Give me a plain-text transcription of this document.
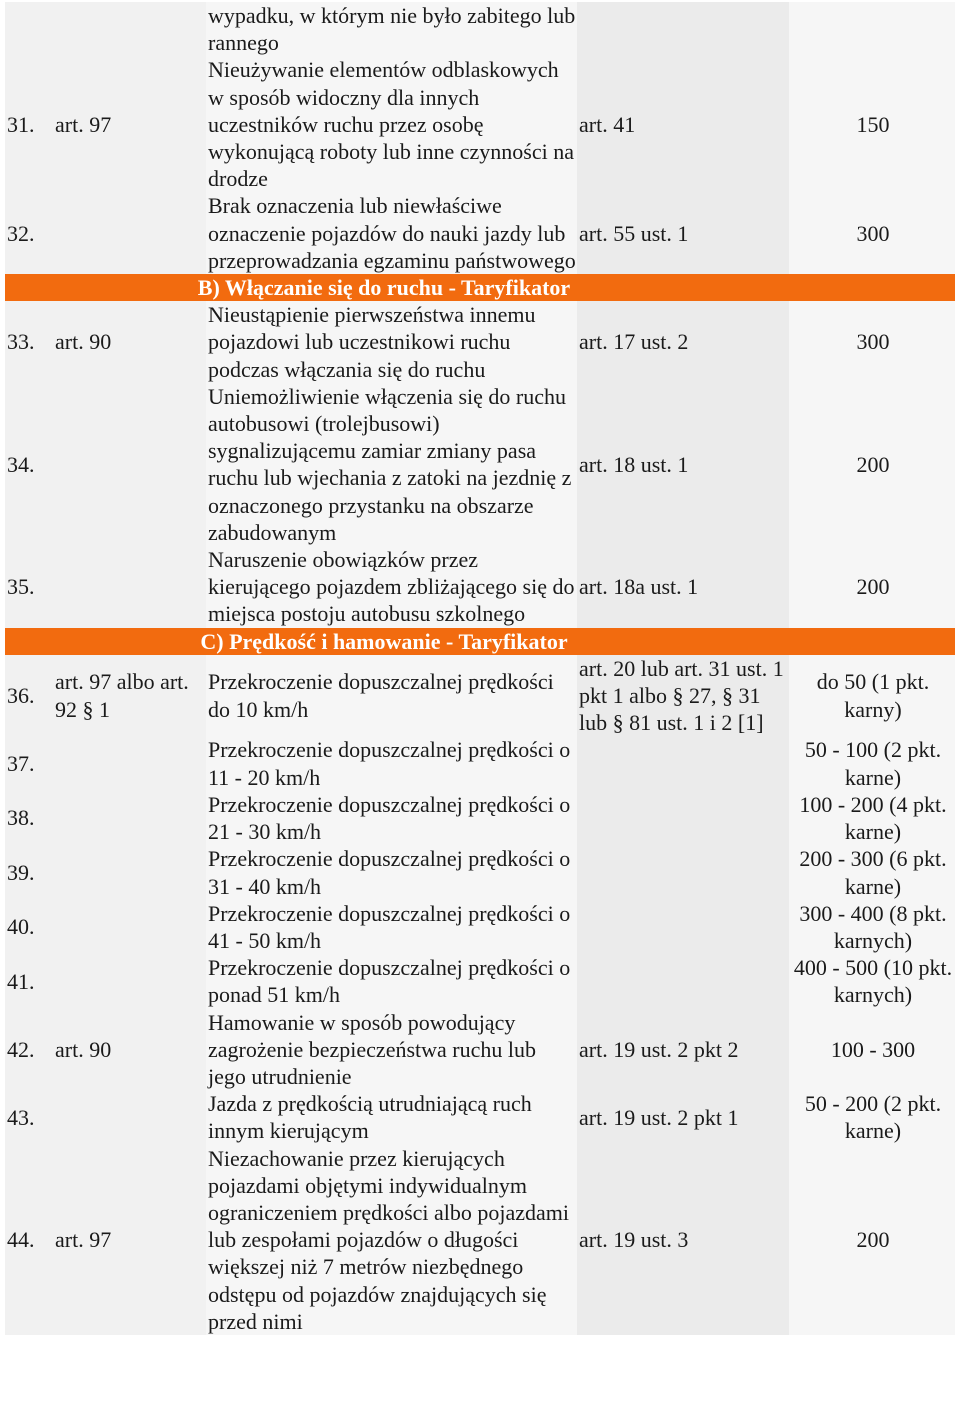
		wypadku, w którym nie było zabitego lub rannego		

31.	art. 97	Nieużywanie elementów odblaskowych w sposób widoczny dla innych uczestników ruchu przez osobę wykonującą roboty lub inne czynności na drodze	art. 41	150

32.		Brak oznaczenia lub niewłaściwe oznaczenie pojazdów do nauki jazdy lub przeprowadzania egzaminu państwowego	art. 55 ust. 1	300

B) Włączanie się do ruchu - Taryfikator				

33.	art. 90	Nieustąpienie pierwszeństwa innemu pojazdowi lub uczestnikowi ruchu podczas włączania się do ruchu	art. 17 ust. 2	300

34.		Uniemożliwienie włączenia się do ruchu autobusowi (trolejbusowi) sygnalizującemu zamiar zmiany pasa ruchu lub wjechania z zatoki na jezdnię z oznaczonego przystanku na obszarze zabudowanym	art. 18 ust. 1	200

35.		Naruszenie obowiązków przez kierującego pojazdem zbliżającego się do miejsca postoju autobusu szkolnego	art. 18a ust. 1	200

C) Prędkość i hamowanie - Taryfikator				

36.	art. 97 albo art. 92 § 1	Przekroczenie dopuszczalnej prędkości do 10 km/h	art. 20 lub art. 31 ust. 1 pkt 1 albo § 27, § 31 lub § 81 ust. 1 i 2 [1]	do 50 (1 pkt. karny)

37.		Przekroczenie dopuszczalnej prędkości o 11 - 20 km/h		50 - 100 (2 pkt. karne)

38.		Przekroczenie dopuszczalnej prędkości o 21 - 30 km/h		100 - 200 (4 pkt. karne)

39.		Przekroczenie dopuszczalnej prędkości o 31 - 40 km/h		200 - 300 (6 pkt. karne)

40.		Przekroczenie dopuszczalnej prędkości o 41 - 50 km/h		300 - 400 (8 pkt. karnych)

41.		Przekroczenie dopuszczalnej prędkości o ponad 51 km/h		400 - 500 (10 pkt. karnych)

42.	art. 90	Hamowanie w sposób powodujący zagrożenie bezpieczeństwa ruchu lub jego utrudnienie	art. 19 ust. 2 pkt 2	100 - 300

43.		Jazda z prędkością utrudniającą ruch innym kierującym	art. 19 ust. 2 pkt 1	50 - 200 (2 pkt. karne)

44.	art. 97	Niezachowanie przez kierujących pojazdami objętymi indywidualnym ograniczeniem prędkości albo pojazdami lub zespołami pojazdów o długości większej niż 7 metrów niezbędnego odstępu od pojazdów znajdujących się przed nimi	art. 19 ust. 3	200
